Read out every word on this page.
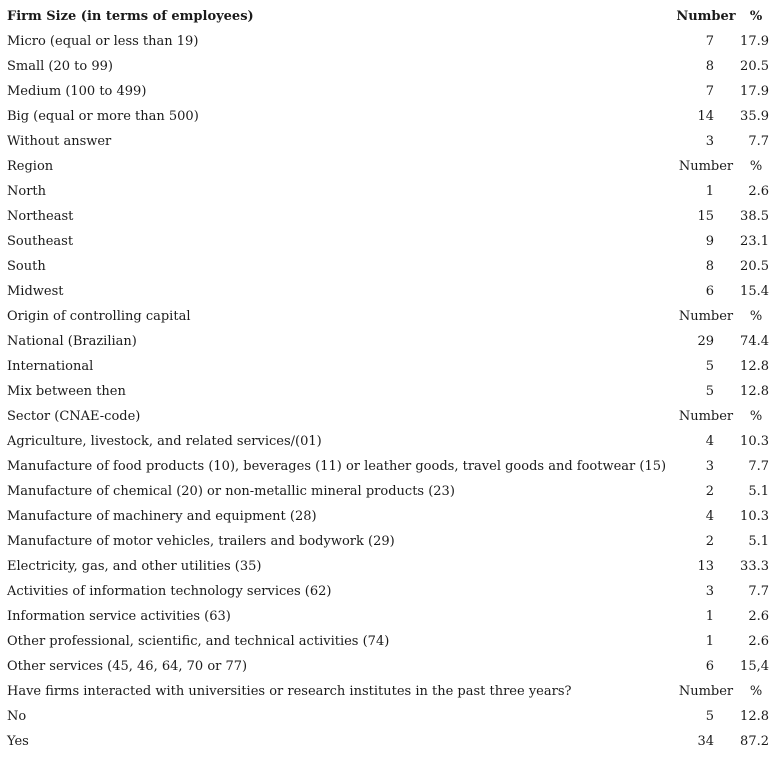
Firm Size (in terms of employees)	Number	%
Micro (equal or less than 19)	7	17.9
Small (20 to 99)	8	20.5
Medium (100 to 499)	7	17.9
Big (equal or more than 500)	14	35.9
Without answer	3	7.7
Region	Number	%
North	1	2.6
Northeast	15	38.5
Southeast	9	23.1
South	8	20.5
Midwest	6	15.4
Origin of controlling capital	Number	%
National (Brazilian)	29	74.4
International	5	12.8
Mix between then	5	12.8
Sector (CNAE-code)	Number	%
Agriculture, livestock, and related services/(01)	4	10.3
Manufacture of food products (10), beverages (11) or leather goods, travel goods and footwear (15)	3	7.7
Manufacture of chemical (20) or non-metallic mineral products (23)	2	5.1
Manufacture of machinery and equipment (28)	4	10.3
Manufacture of motor vehicles, trailers and bodywork (29)	2	5.1
Electricity, gas, and other utilities (35)	13	33.3
Activities of information technology services (62)	3	7.7
Information service activities (63)	1	2.6
Other professional, scientific, and technical activities (74)	1	2.6
Other services (45, 46, 64, 70 or 77)	6	15,4
Have firms interacted with universities or research institutes in the past three years?	Number	%
No	5	12.8
Yes	34	87.2
